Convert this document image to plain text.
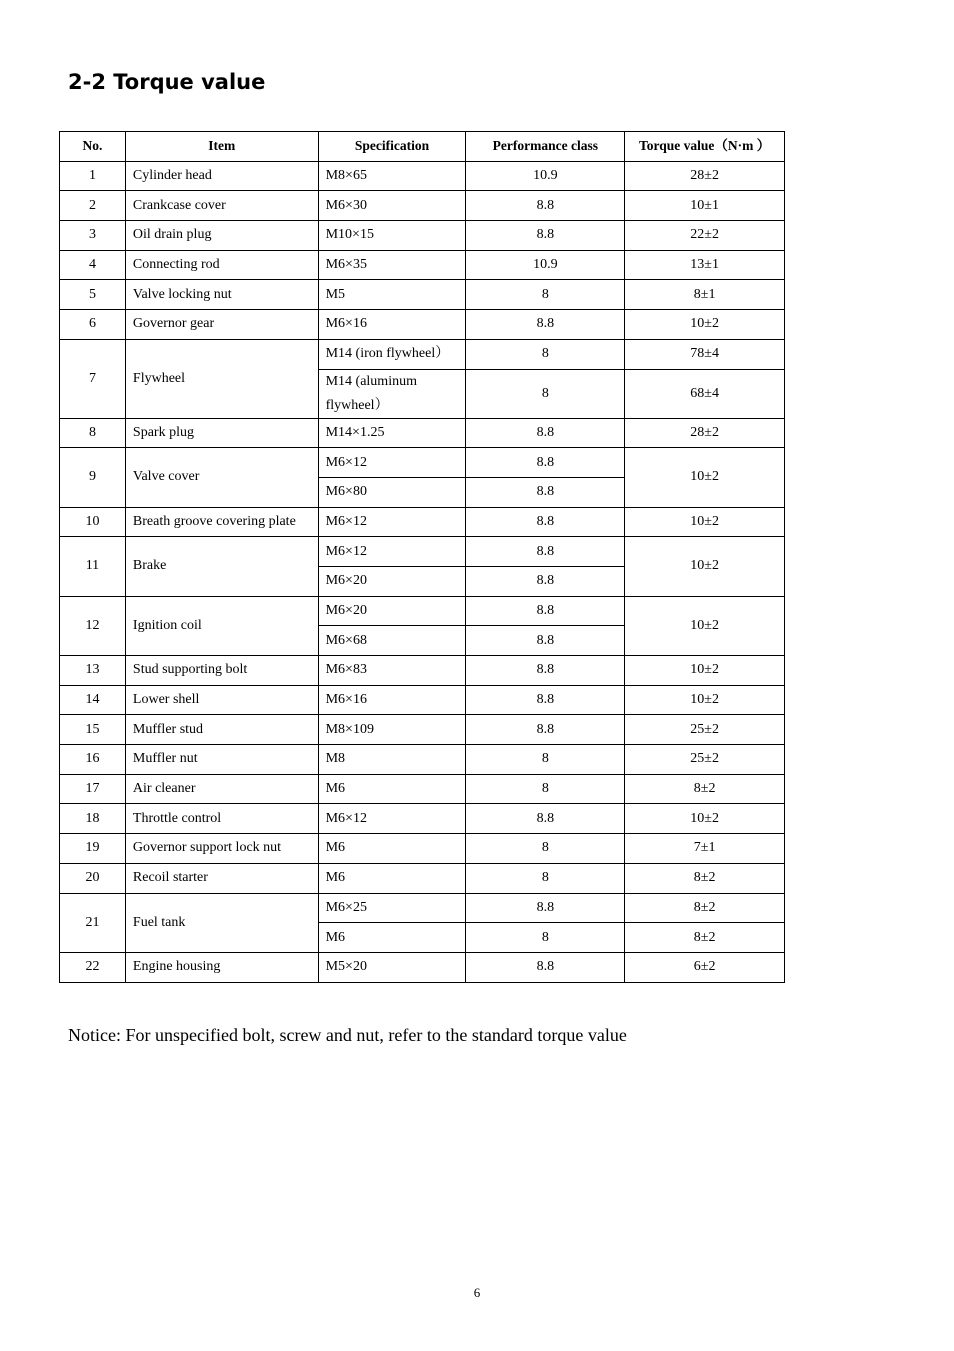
2-2 Torque value
No.	Item	Specification	Performance class	Torque value（N·m ）
1	Cylinder head	M8×65	10.9	28±2
2	Crankcase cover	M6×30	8.8	10±1
3	Oil drain plug	M10×15	8.8	22±2
4	Connecting rod	M6×35	10.9	13±1
5	Valve locking nut	M5	8	8±1
6	Governor gear	M6×16	8.8	10±2
7	Flywheel	M14 (iron flywheel）	8	78±4
		M14 (aluminum flywheel）	8	68±4
8	Spark plug	M14×1.25	8.8	28±2
9	Valve cover	M6×12	8.8	10±2
		M6×80	8.8	
10	Breath groove covering plate	M6×12	8.8	10±2
11	Brake	M6×12	8.8	10±2
		M6×20	8.8	
12	Ignition coil	M6×20	8.8	10±2
		M6×68	8.8	
13	Stud supporting bolt	M6×83	8.8	10±2
14	Lower shell	M6×16	8.8	10±2
15	Muffler stud	M8×109	8.8	25±2
16	Muffler nut	M8	8	25±2
17	Air cleaner	M6	8	8±2
18	Throttle control	M6×12	8.8	10±2
19	Governor support lock nut	M6	8	7±1
20	Recoil starter	M6	8	8±2
21	Fuel tank	M6×25	8.8	8±2
		M6	8	8±2
22	Engine housing	M5×20	8.8	6±2
Notice: For unspecified bolt, screw and nut, refer to the standard torque value
6
